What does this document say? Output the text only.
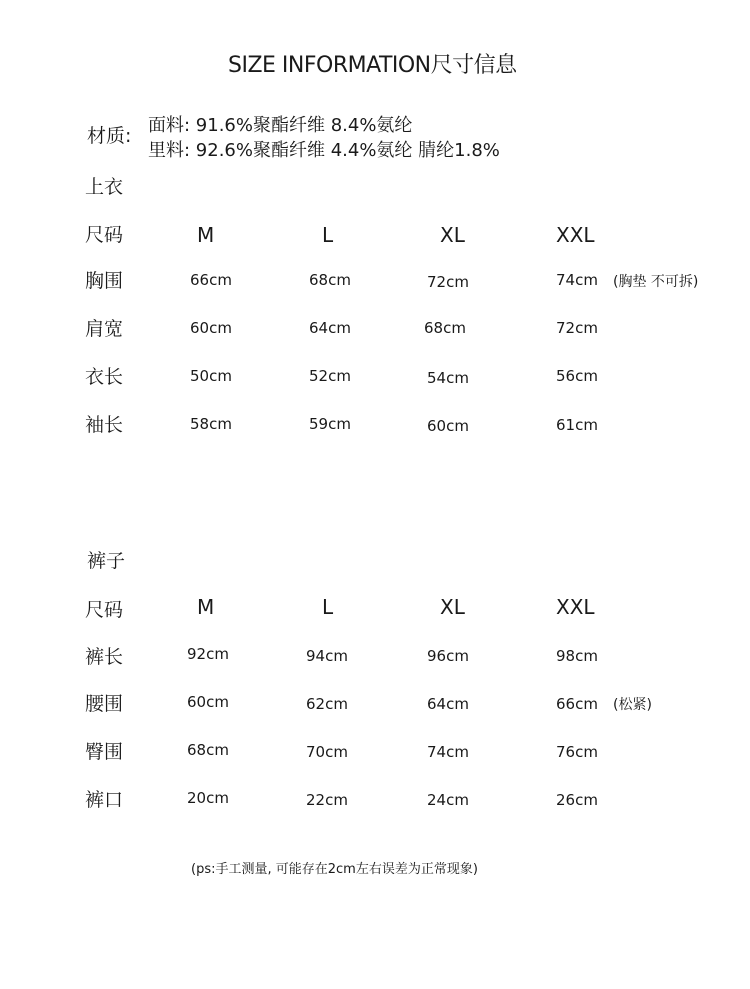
SIZE INFORMATION尺寸信息
材质: 面料: 91.6%聚酯纤维 8.4%氨纶
里料: 92.6%聚酯纤维 4.4%氨纶 腈纶1.8%
上衣
尺码	M	L	XL	XXL
胸围	66cm	68cm	72cm	74cm (胸垫 不可拆)
肩宽	60cm	64cm	68cm	72cm
衣长	50cm	52cm	54cm	56cm
袖长	58cm	59cm	60cm	61cm
裤子
尺码	M	L	XL	XXL
裤长	92cm	94cm	96cm	98cm
腰围	60cm	62cm	64cm	66cm (松紧)
臀围	68cm	70cm	74cm	76cm
裤口	20cm	22cm	24cm	26cm
(ps:手工测量, 可能存在2cm左右误差为正常现象)
